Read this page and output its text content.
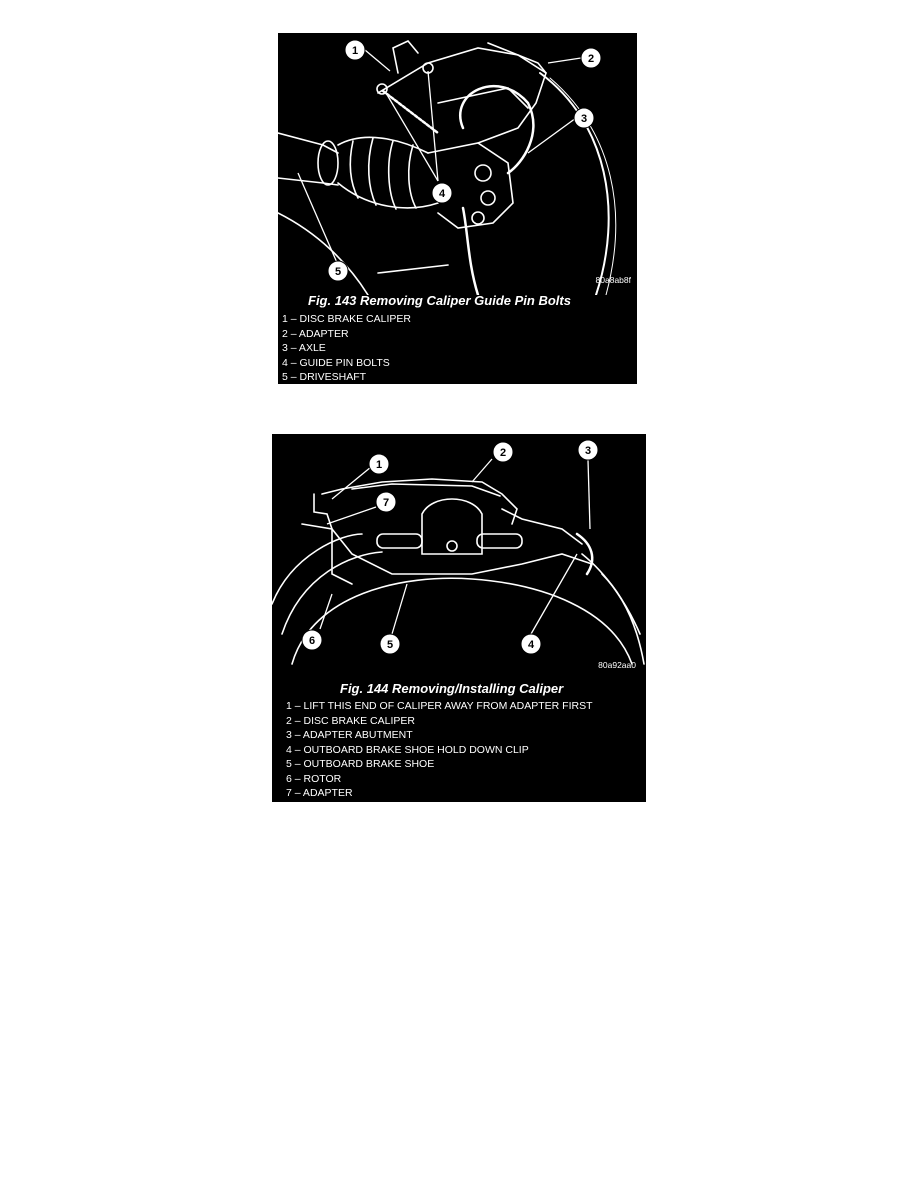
1
2
3
4
5
80a8ab8f

Fig. 143 Removing Caliper Guide Pin Bolts

1 – DISC BRAKE CALIPER
2 – ADAPTER
3 – AXLE
4 – GUIDE PIN BOLTS
5 – DRIVESHAFT
1
2	3
4
5
6
7
80a92aa0

Fig. 144 Removing/Installing Caliper

1 – LIFT THIS END OF CALIPER AWAY FROM ADAPTER FIRST
2 – DISC BRAKE CALIPER
3 – ADAPTER ABUTMENT
4 – OUTBOARD BRAKE SHOE HOLD DOWN CLIP
5 – OUTBOARD BRAKE SHOE
6 – ROTOR
7 – ADAPTER
